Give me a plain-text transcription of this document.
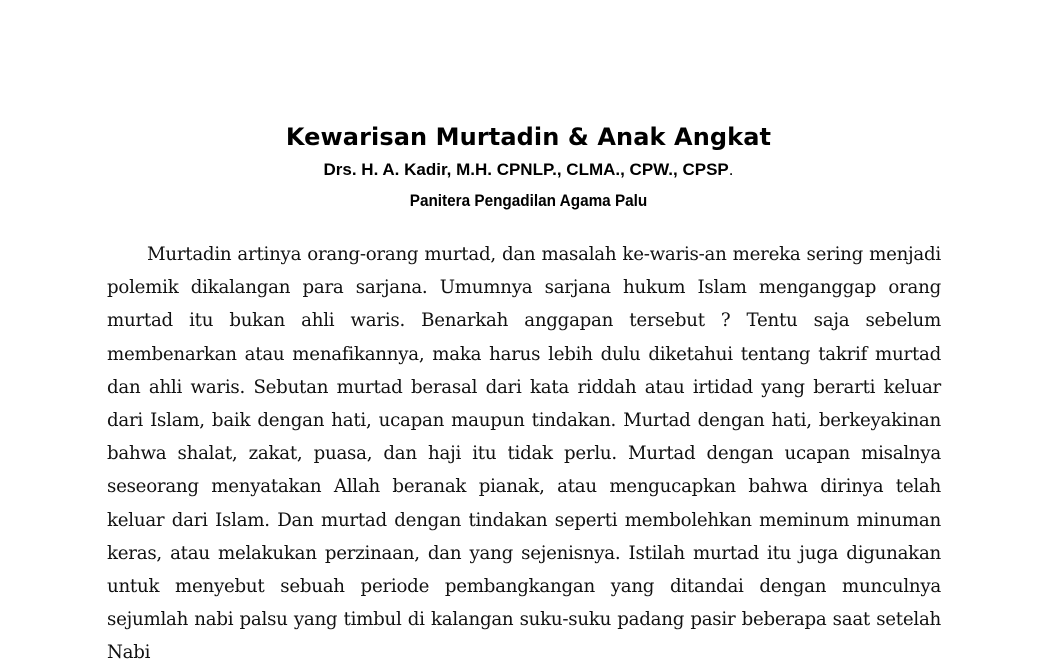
Kewarisan Murtadin & Anak Angkat
Drs. H. A. Kadir, M.H. CPNLP., CLMA., CPW., CPSP.
Panitera Pengadilan Agama Palu

Murtadin artinya orang-orang murtad, dan masalah ke-waris-an mereka sering menjadi polemik dikalangan para sarjana. Umumnya sarjana hukum Islam menganggap orang murtad itu bukan ahli waris. Benarkah anggapan tersebut ? Tentu saja sebelum membenarkan atau menafikannya, maka harus lebih dulu diketahui tentang takrif murtad dan ahli waris. Sebutan murtad berasal dari kata riddah atau irtidad yang berarti keluar dari Islam, baik dengan hati, ucapan maupun tindakan. Murtad dengan hati, berkeyakinan bahwa shalat, zakat, puasa, dan haji itu tidak perlu. Murtad dengan ucapan misalnya seseorang menyatakan Allah beranak pianak, atau mengucapkan bahwa dirinya telah keluar dari Islam. Dan murtad dengan tindakan seperti membolehkan meminum minuman keras, atau melakukan perzinaan, dan yang sejenisnya. Istilah murtad itu juga digunakan untuk menyebut sebuah periode pembangkangan yang ditandai dengan munculnya sejumlah nabi palsu yang timbul di kalangan suku-suku padang pasir beberapa saat setelah Nabi
